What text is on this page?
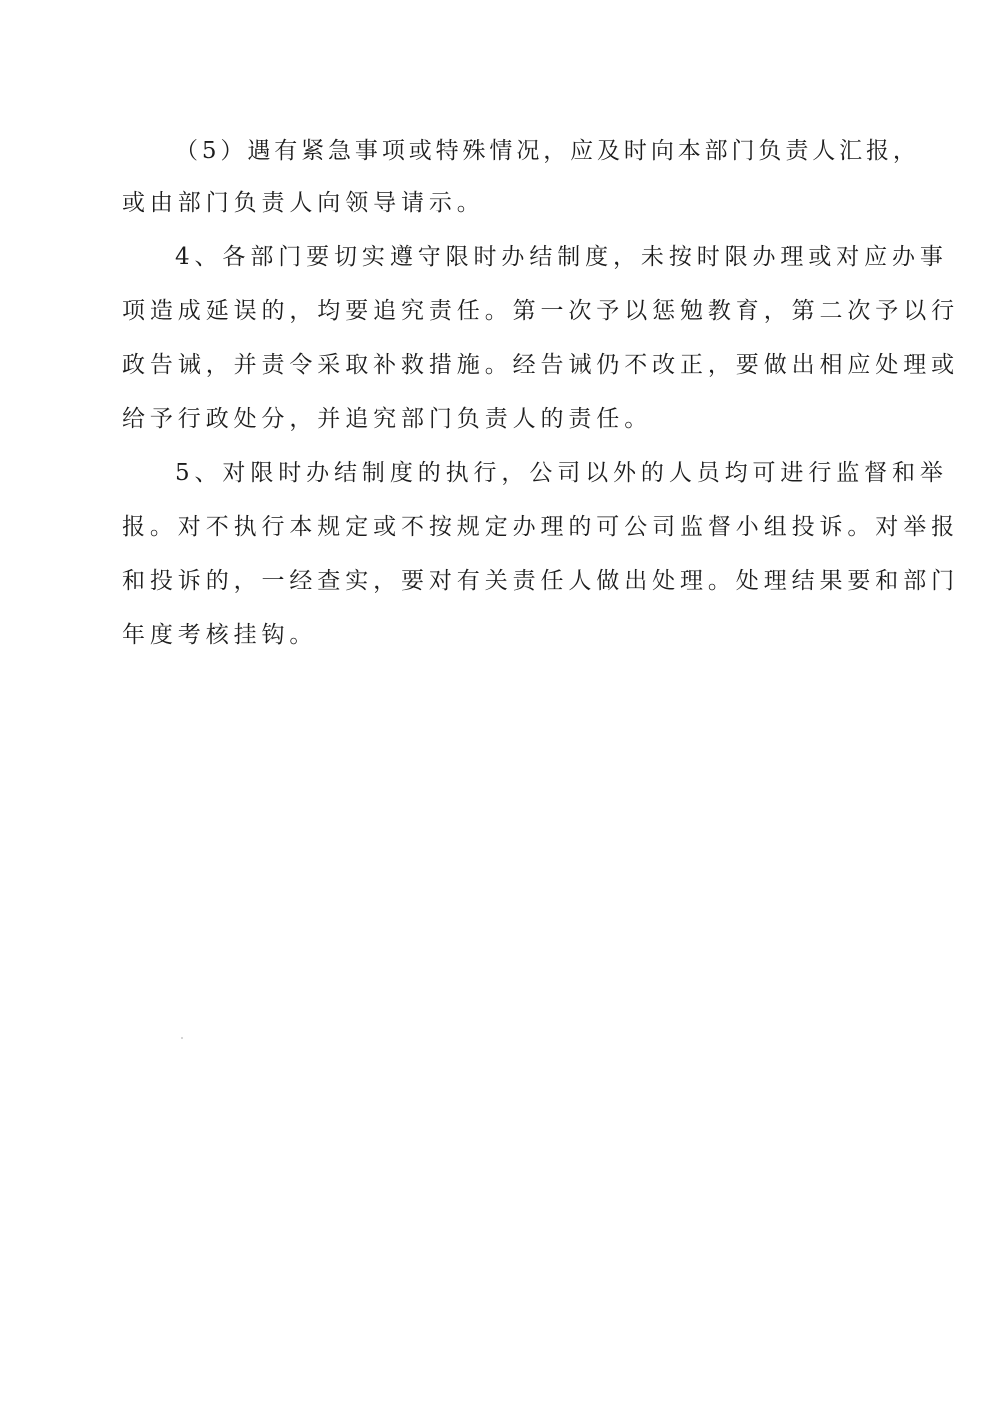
（5）遇有紧急事项或特殊情况，应及时向本部门负责人汇报，
或由部门负责人向领导请示。
4、各部门要切实遵守限时办结制度，未按时限办理或对应办事
项造成延误的，均要追究责任。第一次予以惩勉教育，第二次予以行
政告诫，并责令采取补救措施。经告诫仍不改正，要做出相应处理或
给予行政处分，并追究部门负责人的责任。
5、对限时办结制度的执行，公司以外的人员均可进行监督和举
报。对不执行本规定或不按规定办理的可公司监督小组投诉。对举报
和投诉的，一经查实，要对有关责任人做出处理。处理结果要和部门
年度考核挂钩。
